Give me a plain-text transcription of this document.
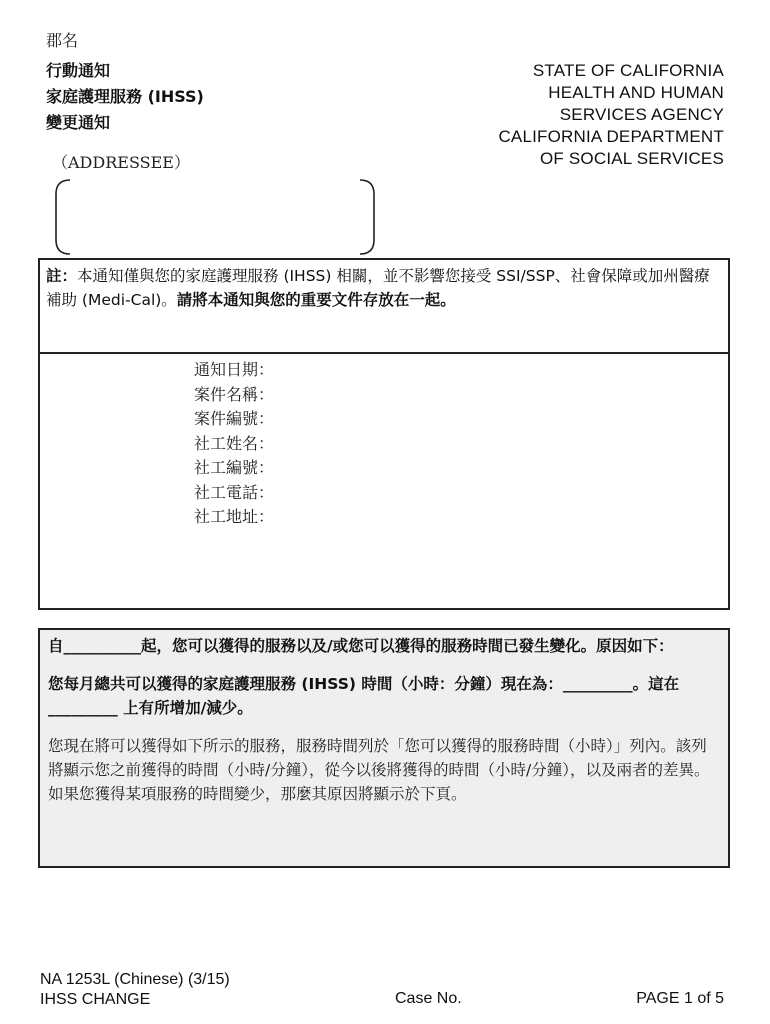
郡名
行動通知
家庭護理服務 (IHSS)
變更通知
STATE OF CALIFORNIA
HEALTH AND HUMAN
SERVICES AGENCY
CALIFORNIA DEPARTMENT
OF SOCIAL SERVICES
（ADDRESSEE）
註：本通知僅與您的家庭護理服務 (IHSS) 相關，並不影響您接受 SSI/SSP、社會保障或加州醫療補助 (Medi-Cal)。請將本通知與您的重要文件存放在一起。
通知日期：
案件名稱：
案件編號：
社工姓名：
社工編號：
社工電話：
社工地址：
自__________起，您可以獲得的服務以及/或您可以獲得的服務時間已發生變化。原因如下：
您每月總共可以獲得的家庭護理服務 (IHSS) 時間（小時：分鐘）現在為：_________。這在 _________ 上有所增加/減少。
您現在將可以獲得如下所示的服務，服務時間列於「您可以獲得的服務時間（小時）」列內。該列將顯示您之前獲得的時間（小時/分鐘），從今以後將獲得的時間（小時/分鐘），以及兩者的差異。如果您獲得某項服務的時間變少，那麼其原因將顯示於下頁。
NA 1253L (Chinese) (3/15)
IHSS CHANGE	Case No.	PAGE 1 of 5
